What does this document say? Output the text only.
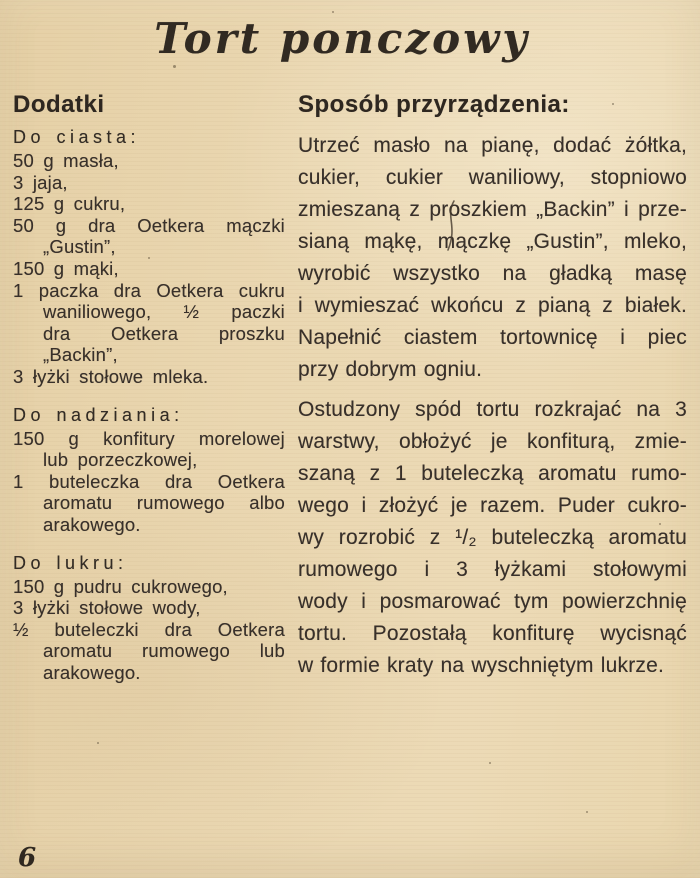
Tort ponczowy
Dodatki
Do ciasta:
50 g masła,
3 jaja,
125 g cukru,
50 g dra Oetkera mączki
„Gustin”,
150 g mąki,
1 paczka dra Oetkera cukru
waniliowego, ½ paczki
dra Oetkera proszku
„Backin”,
3 łyżki stołowe mleka.
Do nadziania:
150 g konfitury morelowej
lub porzeczkowej,
1 buteleczka dra Oetkera
aromatu rumowego albo
arakowego.
Do lukru:
150 g pudru cukrowego,
3 łyżki stołowe wody,
½ buteleczki dra Oetkera
aromatu rumowego lub
arakowego.
Sposób przyrządzenia:
Utrzeć masło na pianę, dodać żółtka,
cukier, cukier waniliowy, stopniowo
zmieszaną z proszkiem „Backin” i prze-
sianą mąkę, mączkę „Gustin”, mleko,
wyrobić wszystko na gładką masę
i wymieszać wkońcu z pianą z białek.
Napełnić ciastem tortownicę i piec
przy dobrym ogniu.
Ostudzony spód tortu rozkrajać na 3
warstwy, obłożyć je konfiturą, zmie-
szaną z 1 buteleczką aromatu rumo-
wego i złożyć je razem. Puder cukro-
wy rozrobić z ¹/₂ buteleczką aromatu
rumowego i 3 łyżkami stołowymi
wody i posmarować tym powierzchnię
tortu. Pozostałą konfiturę wycisnąć
w formie kraty na wyschniętym lukrze.
6
